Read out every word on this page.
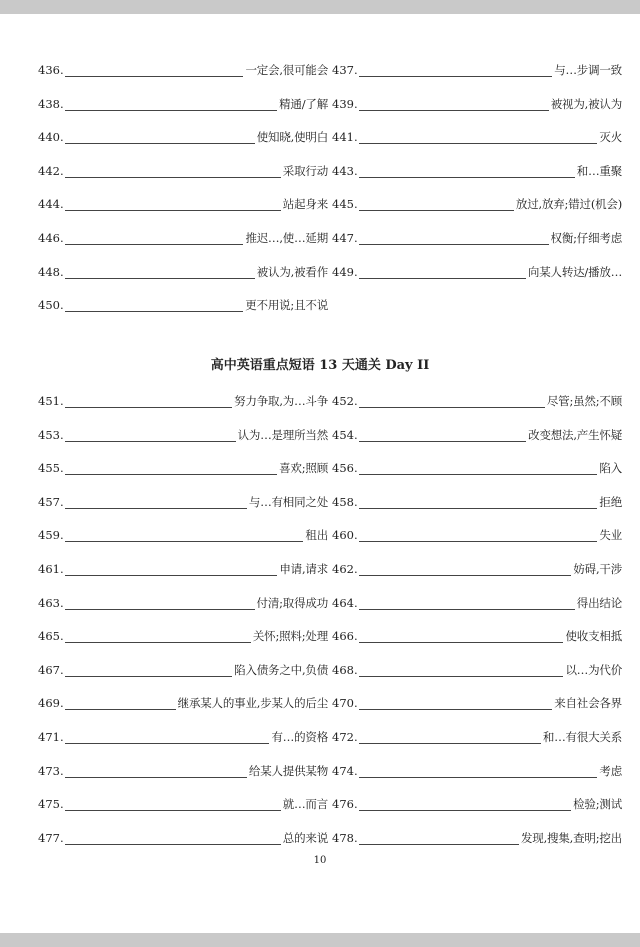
436.	一定会,很可能会 437.	与…步调一致
438.	精通/了解 439.	被视为,被认为
440.	使知晓,使明白 441.	灭火
442.	采取行动 443.	和…重聚
444.	站起身来 445.	放过,放弃;错过(机会)
446.	推迟…,使…延期 447.	权衡;仔细考虑
448.	被认为,被看作 449.	向某人转达/播放…
450.	更不用说;且不说
高中英语重点短语 13 天通关 Day II
451.	努力争取,为…斗争 452.	尽管;虽然;不顾
453.	认为…是理所当然 454.	改变想法,产生怀疑
455.	喜欢;照顾 456.	陷入
457.	与…有相同之处 458.	拒绝
459.	租出 460.	失业
461.	申请,请求 462.	妨碍,干涉
463.	付清;取得成功 464.	得出结论
465.	关怀;照料;处理 466.	使收支相抵
467.	陷入债务之中,负债 468.	以…为代价
469.	继承某人的事业,步某人的后尘 470.	来自社会各界
471.	有…的资格 472.	和…有很大关系
473.	给某人提供某物 474.	考虑
475.	就…而言 476.	检验;测试
477.	总的来说 478.	发现,搜集,查明;挖出
10
